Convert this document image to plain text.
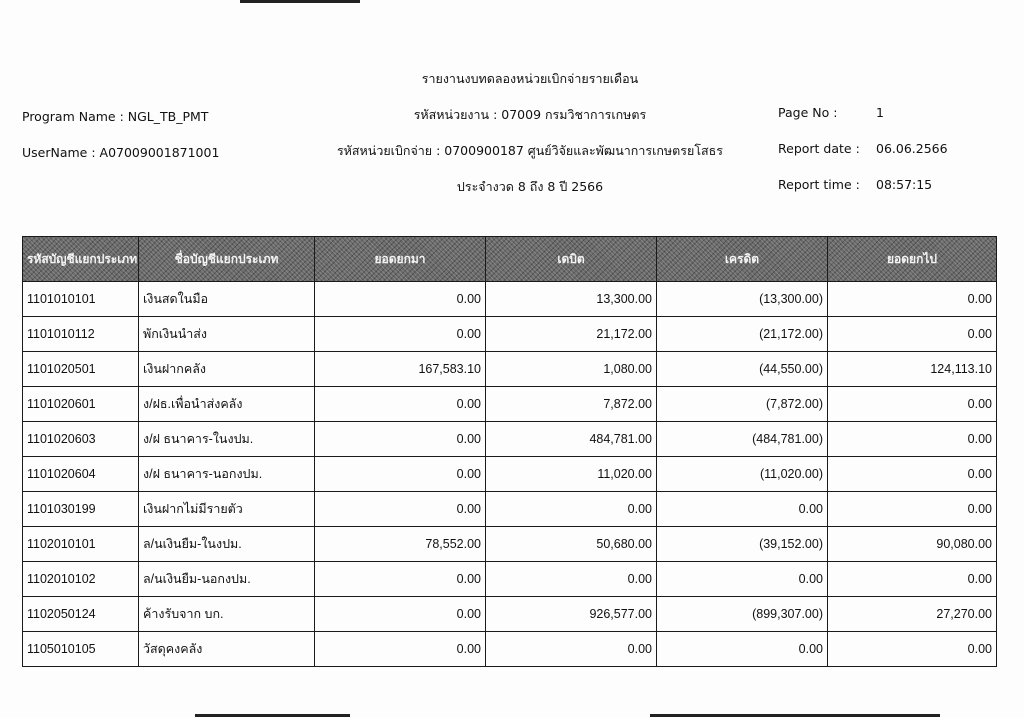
รายงานงบทดลองหน่วยเบิกจ่ายรายเดือน
Program Name : NGL_TB_PMT
UserName : A07009001871001
รหัสหน่วยงาน : 07009 กรมวิชาการเกษตร
รหัสหน่วยเบิกจ่าย : 0700900187 ศูนย์วิจัยและพัฒนาการเกษตรยโสธร
ประจำงวด 8 ถึง 8 ปี 2566
Page No :	1
Report date : 06.06.2566
Report time : 08:57:15
รหัสบัญชีแยกประเภท	ชื่อบัญชีแยกประเภท	ยอดยกมา	เดบิต	เครดิต	ยอดยกไป
1101010101	เงินสดในมือ	0.00	13,300.00	(13,300.00)	0.00
1101010112	พักเงินนำส่ง	0.00	21,172.00	(21,172.00)	0.00
1101020501	เงินฝากคลัง	167,583.10	1,080.00	(44,550.00)	124,113.10
1101020601	ง/ฝธ.เพื่อนำส่งคลัง	0.00	7,872.00	(7,872.00)	0.00
1101020603	ง/ฝ ธนาคาร-ในงปม.	0.00	484,781.00	(484,781.00)	0.00
1101020604	ง/ฝ ธนาคาร-นอกงปม.	0.00	11,020.00	(11,020.00)	0.00
1101030199	เงินฝากไม่มีรายตัว	0.00	0.00	0.00	0.00
1102010101	ล/นเงินยืม-ในงปม.	78,552.00	50,680.00	(39,152.00)	90,080.00
1102010102	ล/นเงินยืม-นอกงปม.	0.00	0.00	0.00	0.00
1102050124	ค้างรับจาก บก.	0.00	926,577.00	(899,307.00)	27,270.00
1105010105	วัสดุคงคลัง	0.00	0.00	0.00	0.00
